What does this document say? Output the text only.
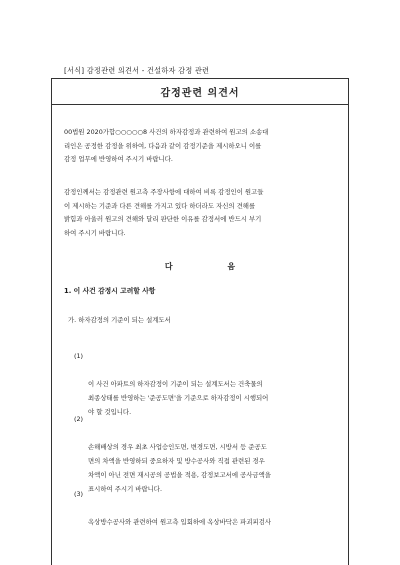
[서식] 감정관련 의견서 - 건설하자 감정 관련
감정관련 의견서
00법원 2020가합○○○○○8 사건의 하자감정과 관련하여 원고의 소송대
리인은 공정한 감정을 위하여, 다음과 같이 감정기준을 제시하오니 이를
감정 업무에 반영하여 주시기 바랍니다.
감정인께서는 감정관련 원고측 주장사항에 대하여 비록 감정인이 원고들
이 제시하는 기준과 다른 견해를 가지고 있다 하더라도 자신의 견해를
밝힘과 아울러 원고의 견해와 달리 판단한 이유를 감정서에 반드시 부기
하여 주시기 바랍니다.
다 음
1. 이 사건 감정시 고려할 사항
가. 하자감정의 기준이 되는 설계도서

(1)

이 사건 아파트의 하자감정이 기준이 되는 설계도서는 건축물의
최종상태를 반영하는 '준공도면'을 기준으로 하자감정이 시행되어
야 할 것입니다.

(2)

손해배상의 경우 최초 사업승인도면, 변경도면, 시방서 등 준공도
면의 차액을 반영하되 중요하자 및 방수공사와 직접 관련된 경우
차액이 아닌 전면 재시공의 공법을 적용, 감정보고서에 공사금액을
표시하여 주시기 바랍니다.

(3)

옥상방수공사와 관련하여 원고측 입회하에 옥상바닥은 파괴피검사
